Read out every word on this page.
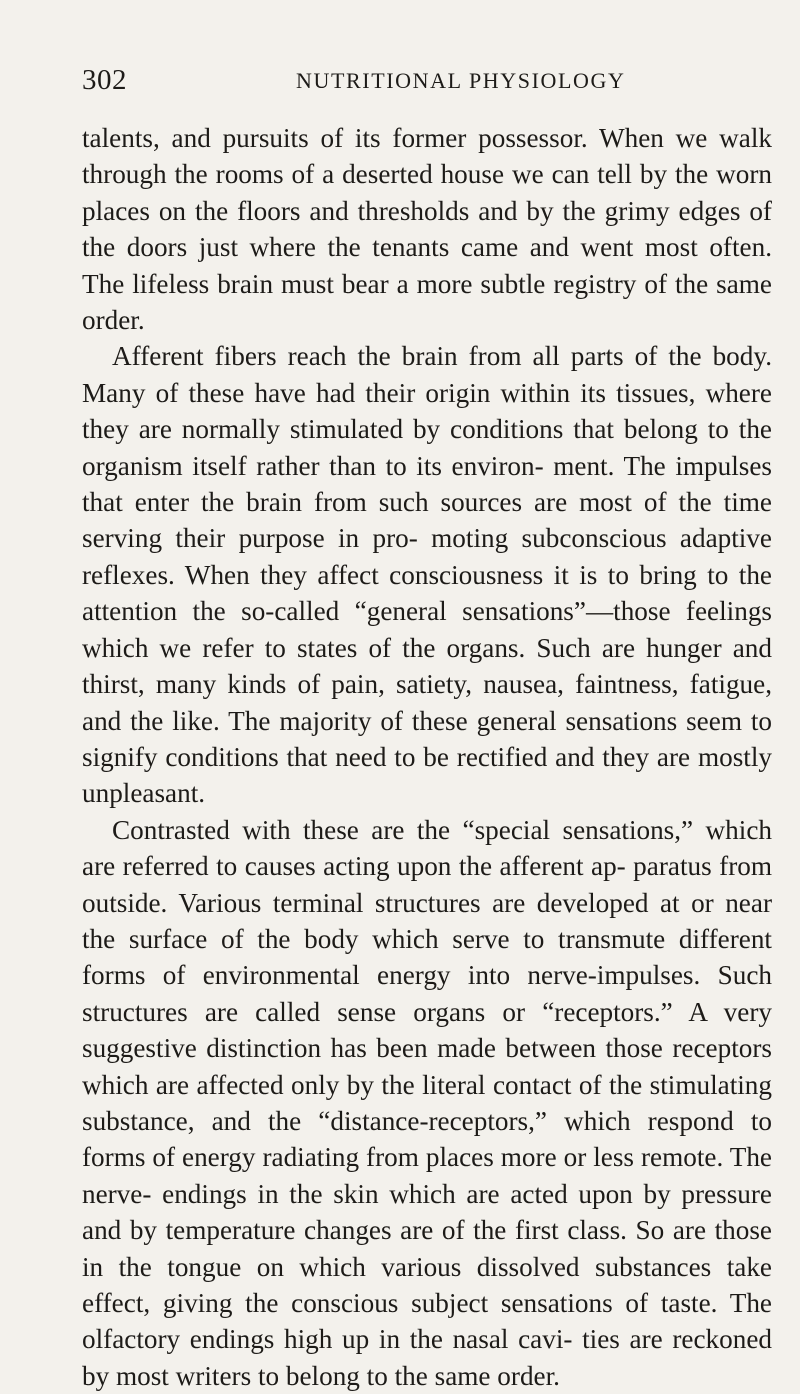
302	NUTRITIONAL PHYSIOLOGY

talents, and pursuits of its former possessor. When we walk through the rooms of a deserted house we can tell by the worn places on the floors and thresholds and by the grimy edges of the doors just where the tenants came and went most often. The lifeless brain must bear a more subtle registry of the same order.

Afferent fibers reach the brain from all parts of the body. Many of these have had their origin within its tissues, where they are normally stimulated by conditions that belong to the organism itself rather than to its environ- ment. The impulses that enter the brain from such sources are most of the time serving their purpose in pro- moting subconscious adaptive reflexes. When they affect consciousness it is to bring to the attention the so-called “general sensations”—those feelings which we refer to states of the organs. Such are hunger and thirst, many kinds of pain, satiety, nausea, faintness, fatigue, and the like. The majority of these general sensations seem to signify conditions that need to be rectified and they are mostly unpleasant.

Contrasted with these are the “special sensations,” which are referred to causes acting upon the afferent ap- paratus from outside. Various terminal structures are developed at or near the surface of the body which serve to transmute different forms of environmental energy into nerve-impulses. Such structures are called sense organs or “receptors.” A very suggestive distinction has been made between those receptors which are affected only by the literal contact of the stimulating substance, and the “distance-receptors,” which respond to forms of energy radiating from places more or less remote. The nerve- endings in the skin which are acted upon by pressure and by temperature changes are of the first class. So are those in the tongue on which various dissolved substances take effect, giving the conscious subject sensations of taste. The olfactory endings high up in the nasal cavi- ties are reckoned by most writers to belong to the same order.
